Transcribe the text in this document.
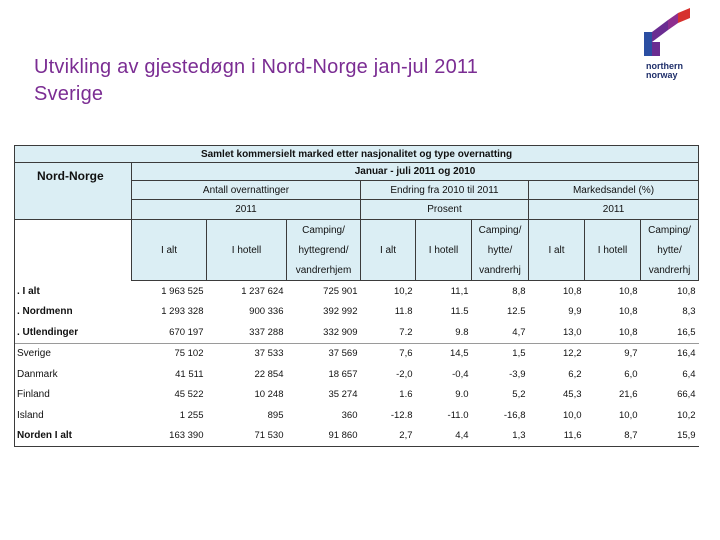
Utvikling av gjestedøgn i Nord-Norge jan-jul 2011
Sverige
northern
norway
Samlet kommersielt marked etter nasjonalitet og type overnatting									
Nord-Norge	Januar - juli 2011 og 2010								
	Antall overnattinger			Endring fra 2010 til 2011			Markedsandel (%)		
	2011			Prosent			2011		
	I alt	I hotell	Camping/	I alt	I hotell	Camping/	I alt	I hotell	Camping/
			hyttegrend/			hytte/			hytte/
			vandrerhjem			vandrerhj			vandrerhj
. I alt	1 963 525	1 237 624	725 901	10,2	11,1	8,8	10,8	10,8	10,8
. Nordmenn	1 293 328	900 336	392 992	11.8	11.5	12.5	9,9	10,8	8,3
. Utlendinger	670 197	337 288	332 909	7.2	9.8	4,7	13,0	10,8	16,5
Sverige	75 102	37 533	37 569	7,6	14,5	1,5	12,2	9,7	16,4
Danmark	41 511	22 854	18 657	-2,0	-0,4	-3,9	6,2	6,0	6,4
Finland	45 522	10 248	35 274	1.6	9.0	5,2	45,3	21,6	66,4
Island	1 255	895	360	-12.8	-11.0	-16,8	10,0	10,0	10,2
Norden I alt	163 390	71 530	91 860	2,7	4,4	1,3	11,6	8,7	15,9
